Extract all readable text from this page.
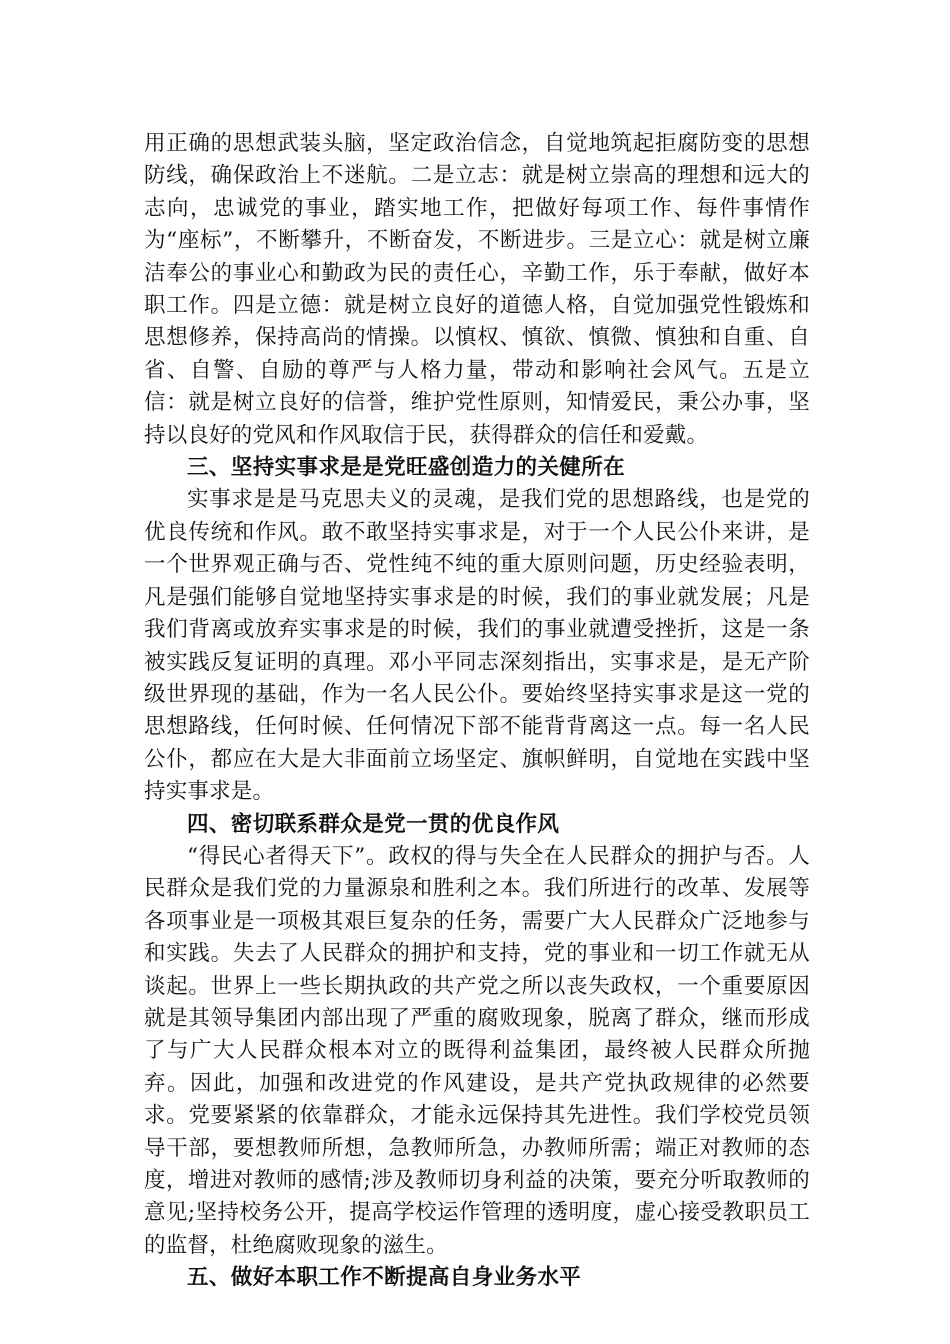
用正确的思想武装头脑，坚定政治信念，自觉地筑起拒腐防变的思想防线，确保政治上不迷航。二是立志：就是树立崇高的理想和远大的志向，忠诚党的事业，踏实地工作，把做好每项工作、每件事情作为“座标”，不断攀升，不断奋发，不断进步。三是立心：就是树立廉洁奉公的事业心和勤政为民的责任心，辛勤工作，乐于奉献，做好本职工作。四是立德：就是树立良好的道德人格，自觉加强党性锻炼和思想修养，保持高尚的情操。以慎权、慎欲、慎微、慎独和自重、自省、自警、自励的尊严与人格力量，带动和影响社会风气。五是立信：就是树立良好的信誉，维护党性原则，知情爱民，秉公办事，坚持以良好的党风和作风取信于民，获得群众的信任和爱戴。

三、坚持实事求是是党旺盛创造力的关健所在

实事求是是马克思夫义的灵魂，是我们党的思想路线，也是党的优良传统和作风。敢不敢坚持实事求是，对于一个人民公仆来讲，是一个世界观正确与否、党性纯不纯的重大原则问题，历史经验表明，凡是强们能够自觉地坚持实事求是的时候，我们的事业就发展；凡是我们背离或放弃实事求是的时候，我们的事业就遭受挫折，这是一条被实践反复证明的真理。邓小平同志深刻指出，实事求是，是无产阶级世界现的基础，作为一名人民公仆。要始终坚持实事求是这一党的思想路线，任何时候、任何情况下部不能背背离这一点。每一名人民公仆，都应在大是大非面前立场坚定、旗帜鲜明，自觉地在实践中坚持实事求是。

四、密切联系群众是党一贯的优良作风

“得民心者得天下”。政权的得与失全在人民群众的拥护与否。人民群众是我们党的力量源泉和胜利之本。我们所进行的改革、发展等各项事业是一项极其艰巨复杂的任务，需要广大人民群众广泛地参与和实践。失去了人民群众的拥护和支持，党的事业和一切工作就无从谈起。世界上一些长期执政的共产党之所以丧失政权，一个重要原因就是其领导集团内部出现了严重的腐败现象，脱离了群众，继而形成了与广大人民群众根本对立的既得利益集团，最终被人民群众所抛弃。因此，加强和改进党的作风建设，是共产党执政规律的必然要求。党要紧紧的依靠群众，才能永远保持其先进性。我们学校党员领导干部，要想教师所想，急教师所急，办教师所需；端正对教师的态度，增进对教师的感情;涉及教师切身利益的决策，要充分听取教师的意见;坚持校务公开，提高学校运作管理的透明度，虚心接受教职员工的监督，杜绝腐败现象的滋生。

五、做好本职工作不断提高自身业务水平
